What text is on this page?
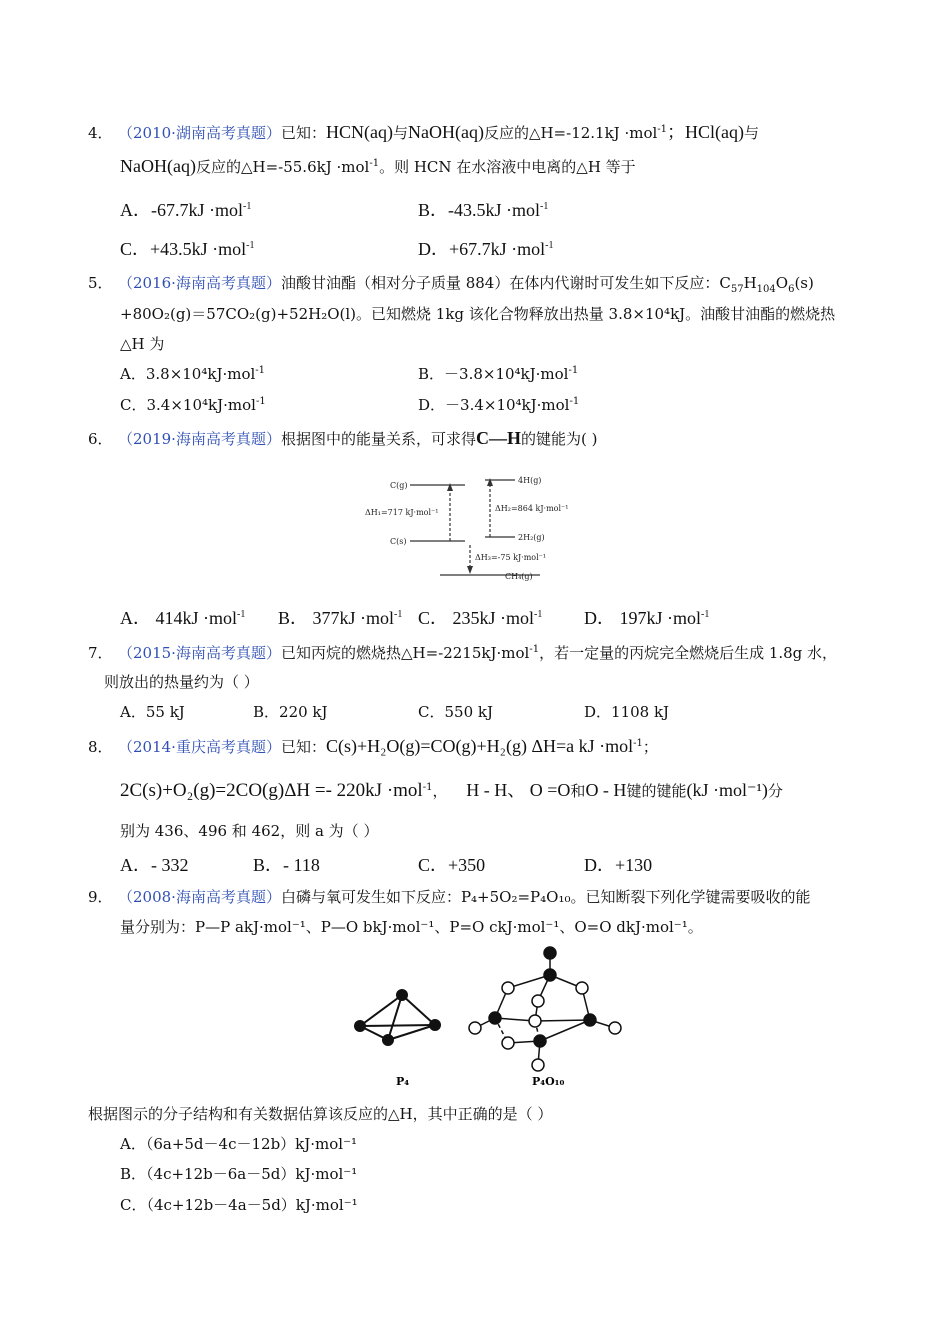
4． （2010·湖南高考真题）已知：HCN(aq)与NaOH(aq)反应的△H=-12.1kJ ·mol$^{-1}$；HCl(aq)与
NaOH(aq)反应的△H=-55.6kJ ·mol$^{-1}$。则 HCN 在水溶液中电离的△H 等于
A．-67.7kJ ·mol$^{-1}$	B．-43.5kJ ·mol$^{-1}$
C．+43.5kJ ·mol$^{-1}$	D．+67.7kJ ·mol$^{-1}$
5． （2016·海南高考真题）油酸甘油酯（相对分子质量 884）在体内代谢时可发生如下反应：$C_{57}H_{104}O_6(s)$
+80O₂(g)＝57CO₂(g)+52H₂O(l)。已知燃烧 1kg 该化合物释放出热量 3.8×10⁴kJ。油酸甘油酯的燃烧热
△H 为
A．3.8×10⁴kJ·mol$^{-1}$	B．－3.8×10⁴kJ·mol$^{-1}$
C．3.4×10⁴kJ·mol$^{-1}$	D．－3.4×10⁴kJ·mol$^{-1}$
6． （2019·海南高考真题）根据图中的能量关系，可求得C—H的键能为( )
C(g)
4H(g)
ΔH₁=717 kJ·mol⁻¹	ΔH₂=864 kJ·mol⁻¹
C(s)	2H₂(g)
ΔH₃=-75 kJ·mol⁻¹
CH₄(g)
A． 414kJ ·mol$^{-1}$ B． 377kJ ·mol$^{-1}$ C． 235kJ ·mol$^{-1}$ D． 197kJ ·mol$^{-1}$
7． （2015·海南高考真题）已知丙烷的燃烧热△H=-2215kJ·mol$^{-1}$，若一定量的丙烷完全燃烧后生成 1.8g 水，
则放出的热量约为（ ）
A．55 kJ	B．220 kJ	C．550 kJ	D．1108 kJ
8． （2014·重庆高考真题）已知：C(s)+H₂O(g)=CO(g)+H₂(g) ΔH=a kJ ·mol$^{-1}$；
2C(s)+O₂(g)=2CO(g)ΔH =- 220kJ ·mol$^{-1}$， H - H、 O =O和O - H键的键能(kJ ·mol⁻¹)分
别为 436、496 和 462，则 a 为（ ）
A．- 332	B．- 118	C．+350	D．+130
9． （2008·海南高考真题）白磷与氧可发生如下反应：P₄+5O₂=P₄O₁₀。已知断裂下列化学键需要吸收的能
量分别为：P—P akJ·mol⁻¹、P—O bkJ·mol⁻¹、P=O ckJ·mol⁻¹、O=O dkJ·mol⁻¹。
P₄	P₄O₁₀
根据图示的分子结构和有关数据估算该反应的△H，其中正确的是（ ）
A．（6a+5d－4c－12b）kJ·mol⁻¹
B．（4c+12b－6a－5d）kJ·mol⁻¹
C．（4c+12b－4a－5d）kJ·mol⁻¹
